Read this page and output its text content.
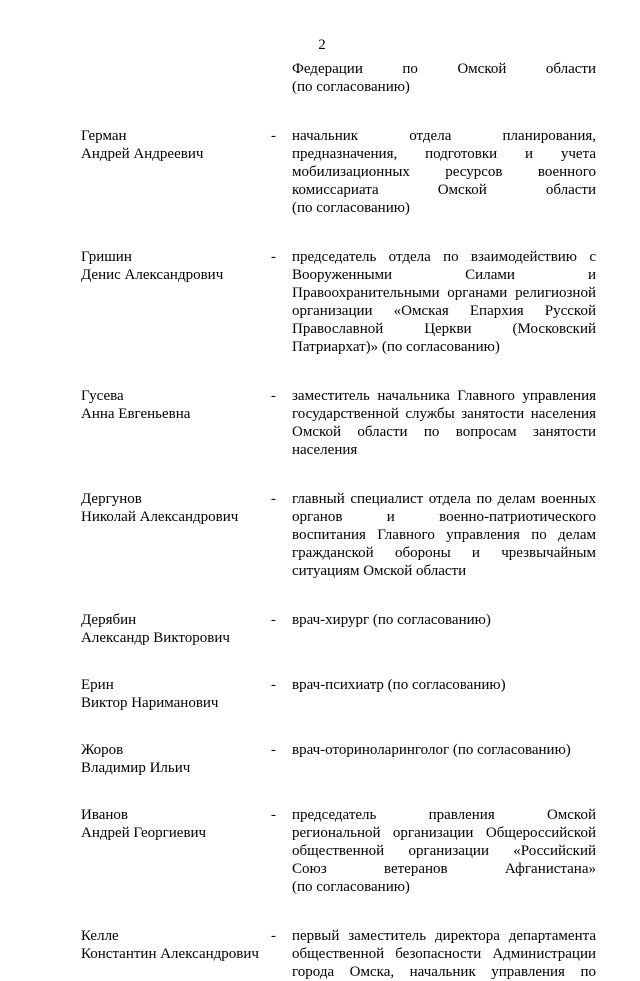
2
Федерации по Омской области
(по согласованию)
Герман
Андрей Андреевич
-	начальник отдела планирования,
предназначения, подготовки и учета
мобилизационных ресурсов военного
комиссариата Омской области
(по согласованию)
Гришин
Денис Александрович
-	председатель отдела по взаимодействию с
Вооруженными Силами и
Правоохранительными органами религиозной
организации «Омская Епархия Русской
Православной Церкви (Московский
Патриархат)» (по согласованию)
Гусева
Анна Евгеньевна
-	заместитель начальника Главного управления
государственной службы занятости населения
Омской области по вопросам занятости
населения
Дергунов
Николай Александрович
-	главный специалист отдела по делам военных
органов и военно-патриотического
воспитания Главного управления по делам
гражданской обороны и чрезвычайным
ситуациям Омской области
Дерябин
Александр Викторович
-	врач-хирург (по согласованию)
Ерин
Виктор Нариманович
-	врач-психиатр (по согласованию)
Жоров
Владимир Ильич
-	врач-оториноларинголог (по согласованию)
Иванов
Андрей Георгиевич
-	председатель правления Омской
региональной организации Общероссийской
общественной организации «Российский
Союз ветеранов Афганистана»
(по согласованию)
Келле
Константин Александрович
-	первый заместитель директора департамента
общественной безопасности Администрации
города Омска, начальник управления по
